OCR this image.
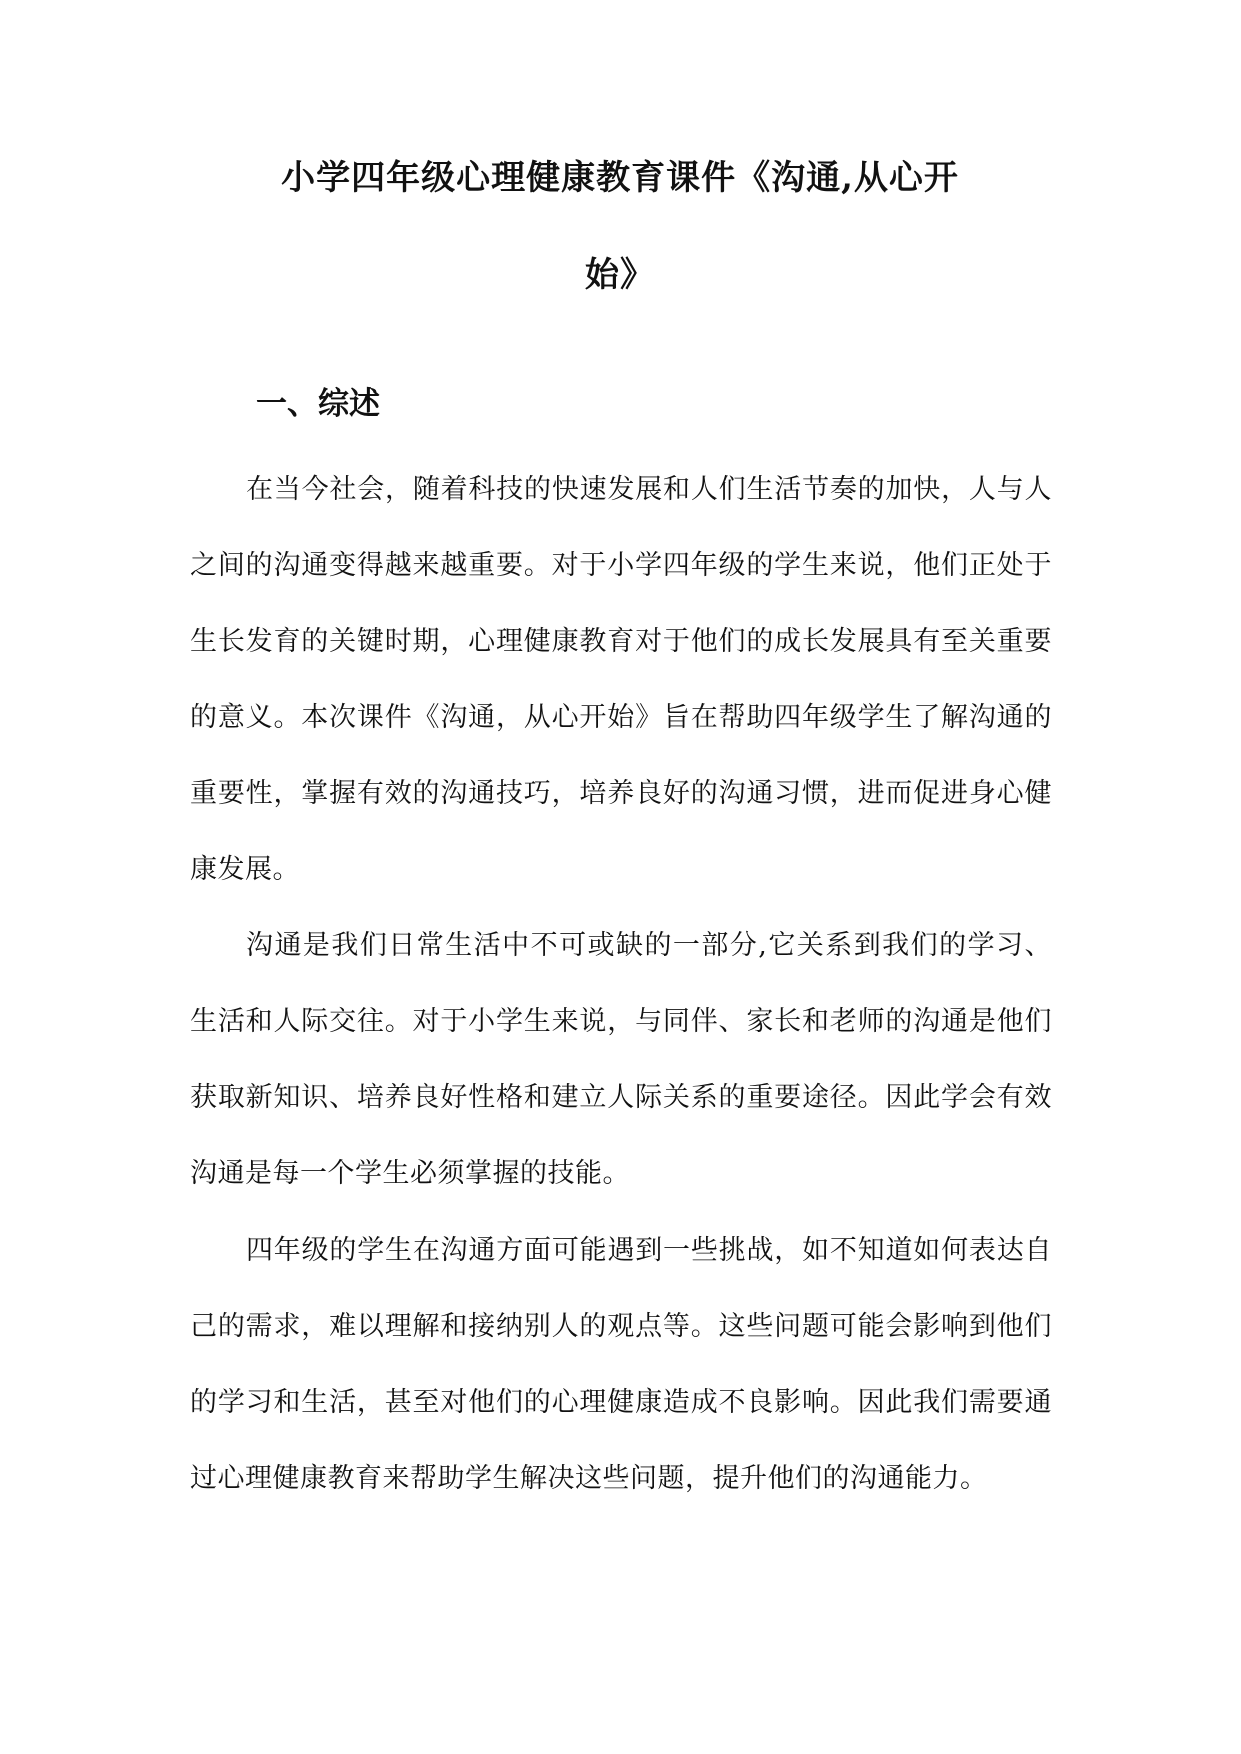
小学四年级心理健康教育课件《沟通,从心开
始》
一、综述

在当今社会，随着科技的快速发展和人们生活节奏的加快，人与人之间的沟通变得越来越重要。对于小学四年级的学生来说，他们正处于生长发育的关键时期，心理健康教育对于他们的成长发展具有至关重要的意义。本次课件《沟通，从心开始》旨在帮助四年级学生了解沟通的重要性，掌握有效的沟通技巧，培养良好的沟通习惯，进而促进身心健康发展。

沟通是我们日常生活中不可或缺的一部分,它关系到我们的学习、生活和人际交往。对于小学生来说，与同伴、家长和老师的沟通是他们获取新知识、培养良好性格和建立人际关系的重要途径。因此学会有效沟通是每一个学生必须掌握的技能。

四年级的学生在沟通方面可能遇到一些挑战，如不知道如何表达自己的需求，难以理解和接纳别人的观点等。这些问题可能会影响到他们的学习和生活，甚至对他们的心理健康造成不良影响。因此我们需要通过心理健康教育来帮助学生解决这些问题，提升他们的沟通能力。
